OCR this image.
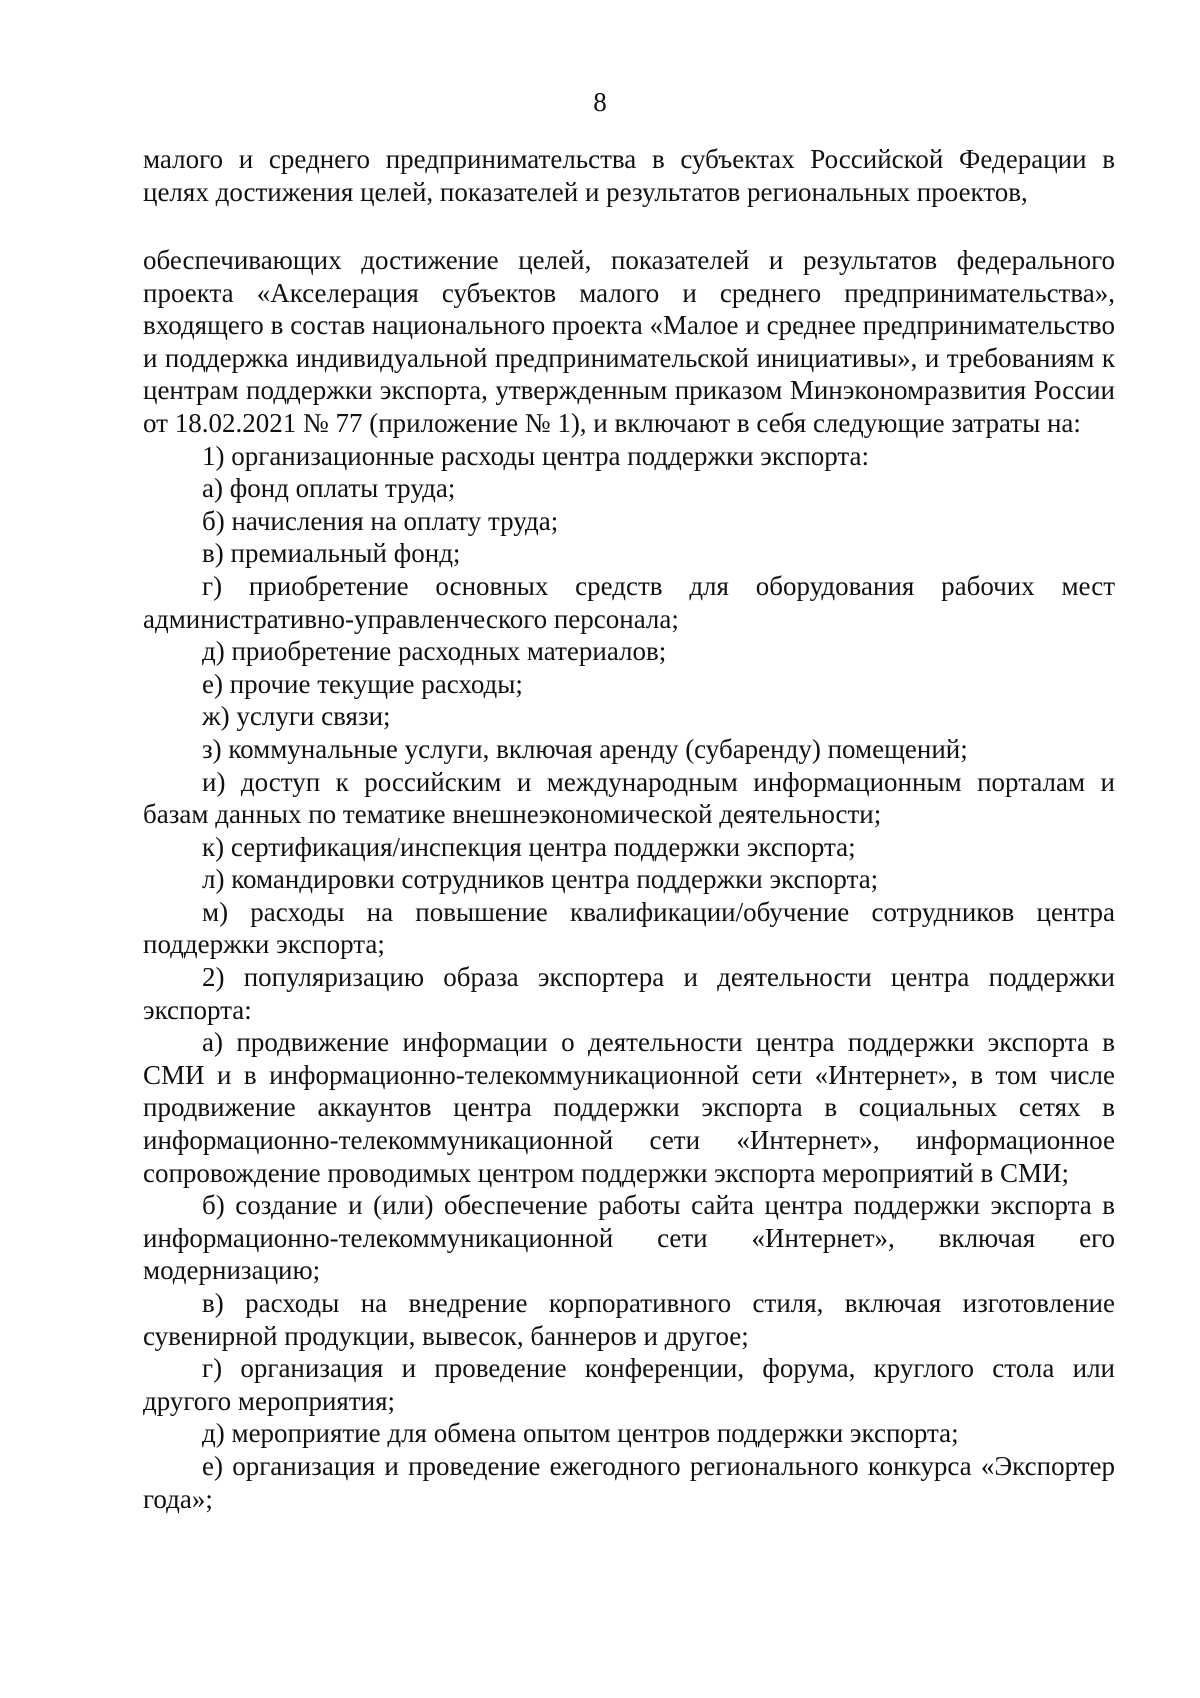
8

малого и среднего предпринимательства в субъектах Российской Федерации в целях достижения целей, показателей и результатов региональных проектов,

обеспечивающих достижение целей, показателей и результатов федерального проекта «Акселерация субъектов малого и среднего предпринимательства», входящего в состав национального проекта «Малое и среднее предпринимательство и поддержка индивидуальной предпринимательской инициативы», и требованиям к центрам поддержки экспорта, утвержденным приказом Минэкономразвития России от 18.02.2021 № 77 (приложение № 1), и включают в себя следующие затраты на:

1) организационные расходы центра поддержки экспорта:

а) фонд оплаты труда;

б) начисления на оплату труда;

в) премиальный фонд;

г) приобретение основных средств для оборудования рабочих мест административно-управленческого персонала;

д) приобретение расходных материалов;

е) прочие текущие расходы;

ж) услуги связи;

з) коммунальные услуги, включая аренду (субаренду) помещений;

и) доступ к российским и международным информационным порталам и базам данных по тематике внешнеэкономической деятельности;

к) сертификация/инспекция центра поддержки экспорта;

л) командировки сотрудников центра поддержки экспорта;

м) расходы на повышение квалификации/обучение сотрудников центра поддержки экспорта;

2) популяризацию образа экспортера и деятельности центра поддержки экспорта:

а) продвижение информации о деятельности центра поддержки экспорта в СМИ и в информационно-телекоммуникационной сети «Интернет», в том числе продвижение аккаунтов центра поддержки экспорта в социальных сетях в информационно-телекоммуникационной сети «Интернет», информационное сопровождение проводимых центром поддержки экспорта мероприятий в СМИ;

б) создание и (или) обеспечение работы сайта центра поддержки экспорта в информационно-телекоммуникационной сети «Интернет», включая его модернизацию;

в) расходы на внедрение корпоративного стиля, включая изготовление сувенирной продукции, вывесок, баннеров и другое;

г) организация и проведение конференции, форума, круглого стола или другого мероприятия;

д) мероприятие для обмена опытом центров поддержки экспорта;

е) организация и проведение ежегодного регионального конкурса «Экспортер года»;
